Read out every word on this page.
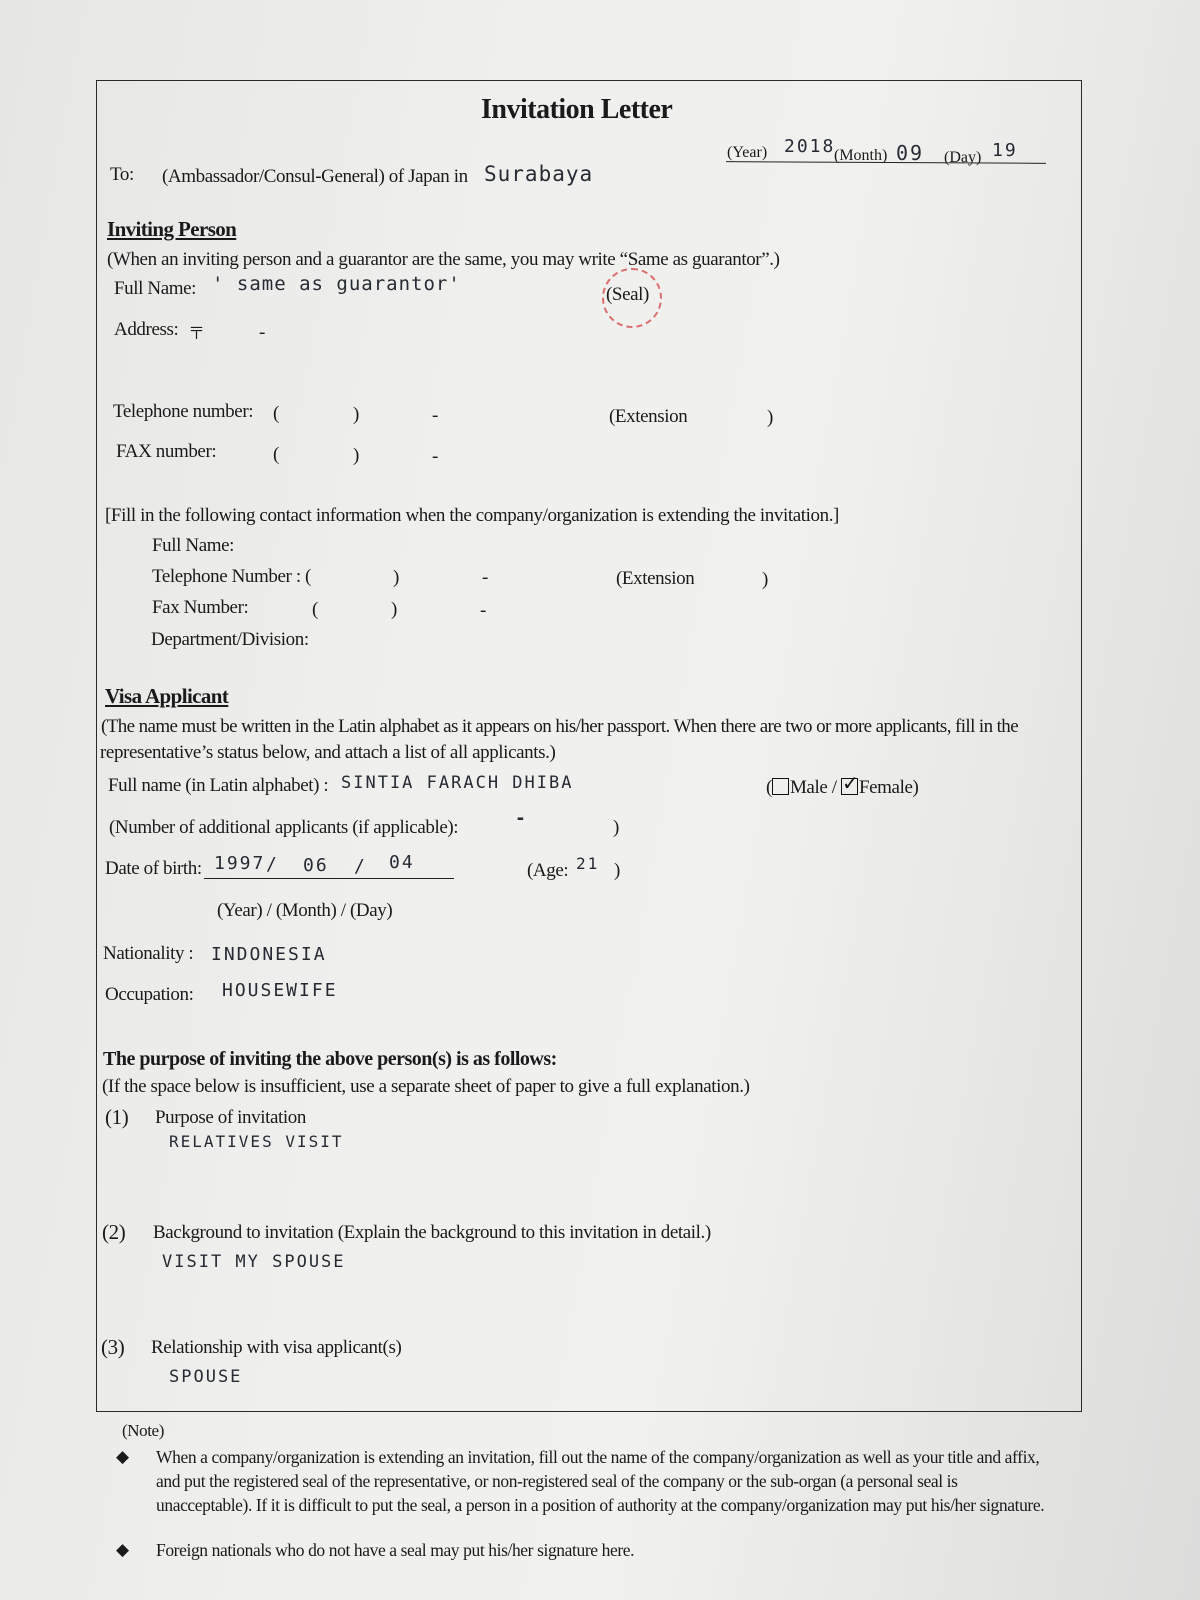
Invitation Letter
(Year) 2018
(Month) 09 (Day) 19
To: (Ambassador/Consul-General) of Japan in Surabaya
Inviting Person
(When an inviting person and a guarantor are the same, you may write “Same as guarantor”.)
Full Name: ' same as guarantor'	(Seal)
Address: 〒	-
Telephone number: (	)	-	(Extension	)
FAX number:	(	)	-
[Fill in the following contact information when the company/organization is extending the invitation.]
Full Name:
Telephone Number : (	)	-	(Extension	)
Fax Number:	(	)	-
Department/Division:
Visa Applicant
(The name must be written in the Latin alphabet as it appears on his/her passport. When there are two or more applicants, fill in the
representative’s status below, and attach a list of all applicants.)
Full name (in Latin alphabet) : SINTIA FARACH DHIBA	( Male / ✓ Female)
(Number of additional applicants (if applicable):	-	)
Date of birth: 1997 / 06 / 04	(Age: 21 )
(Year) / (Month) / (Day)
Nationality : INDONESIA
Occupation: HOUSEWIFE
The purpose of inviting the above person(s) is as follows:
(If the space below is insufficient, use a separate sheet of paper to give a full explanation.)
(1) Purpose of invitation
RELATIVES VISIT
(2) Background to invitation (Explain the background to this invitation in detail.)
VISIT MY SPOUSE
(3) Relationship with visa applicant(s)
SPOUSE
(Note)
◆ When a company/organization is extending an invitation, fill out the name of the company/organization as well as your title and affix, and put the registered seal of the representative, or non-registered seal of the company or the sub-organ (a personal seal is unacceptable). If it is difficult to put the seal, a person in a position of authority at the company/organization may put his/her signature.
◆ Foreign nationals who do not have a seal may put his/her signature here.
